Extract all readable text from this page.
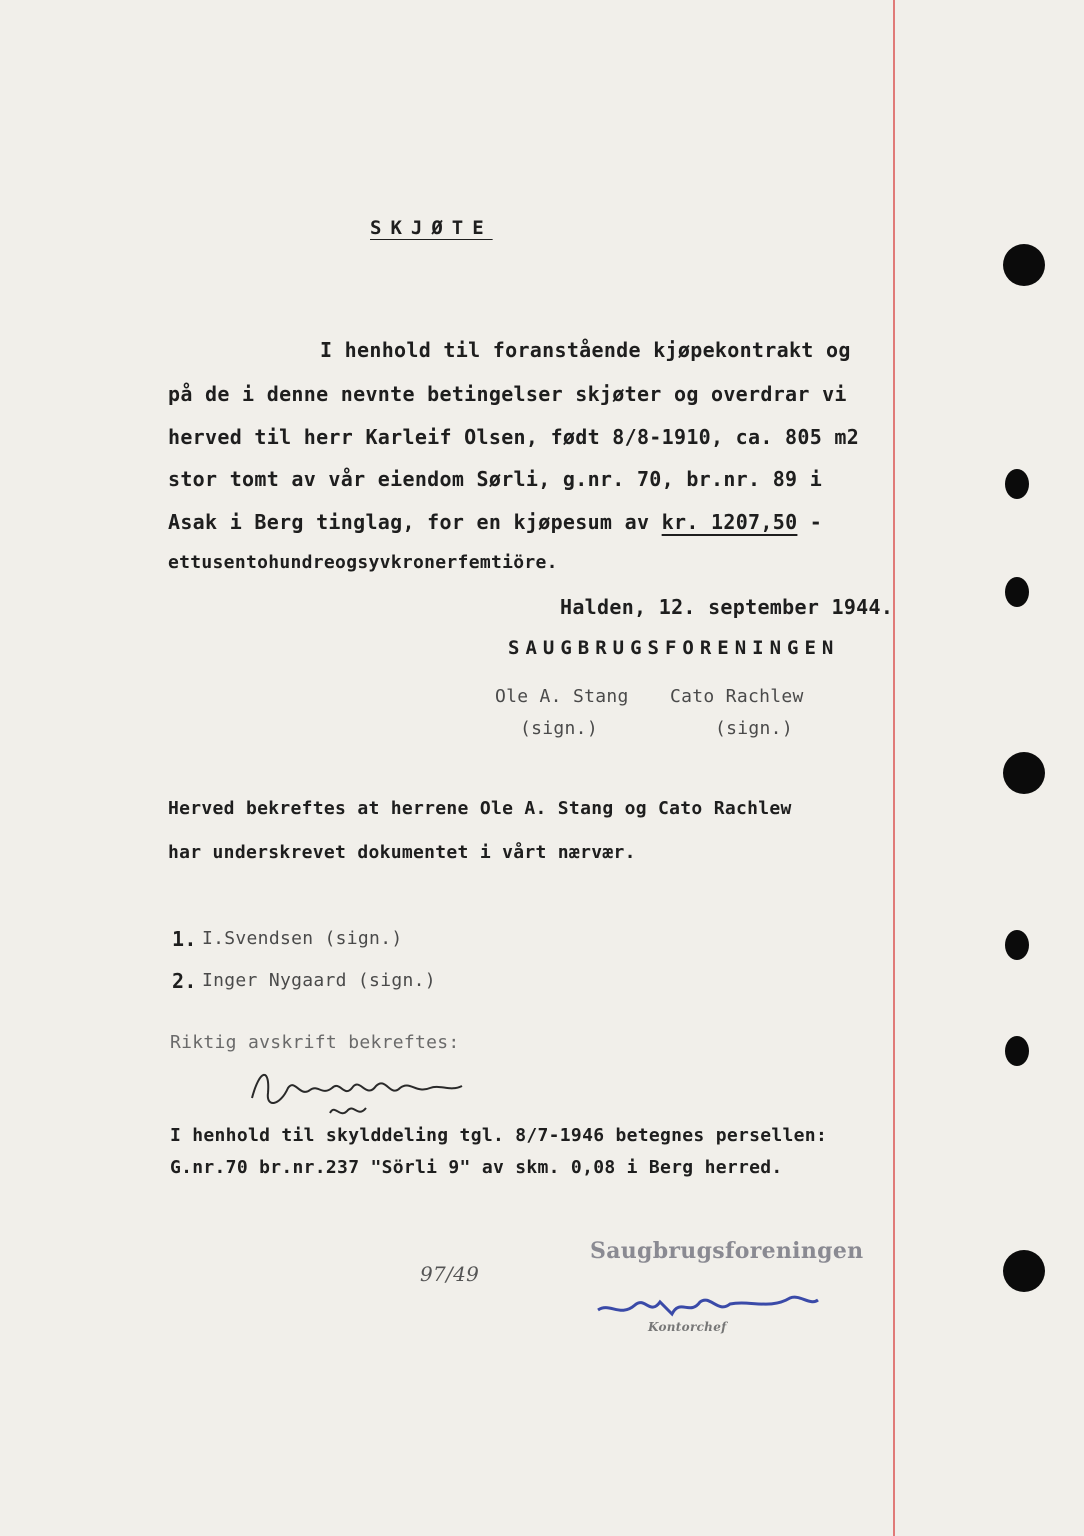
SKJØTE
I henhold til foranstående kjøpekontrakt og
på de i denne nevnte betingelser skjøter og overdrar vi
herved til herr Karleif Olsen, født 8/8-1910, ca. 805 m2
stor tomt av vår eiendom Sørli, g.nr. 70, br.nr. 89 i
Asak i Berg tinglag, for en kjøpesum av kr. 1207,50 -
ettusentohundreogsyvkronerfemtiöre.
Halden, 12. september 1944.
SAUGBRUGSFORENINGEN
Ole A. Stang Cato Rachlew
(sign.)	(sign.)
Herved bekreftes at herrene Ole A. Stang og Cato Rachlew
har underskrevet dokumentet i vårt nærvær.
1. I.Svendsen (sign.)
2. Inger Nygaard (sign.)
Riktig avskrift bekreftes:
I henhold til skylddeling tgl. 8/7-1946 betegnes persellen:
G.nr.70 br.nr.237 "Sörli 9" av skm. 0,08 i Berg herred.
97/49
Saugbrugsforeningen
Kontorchef
